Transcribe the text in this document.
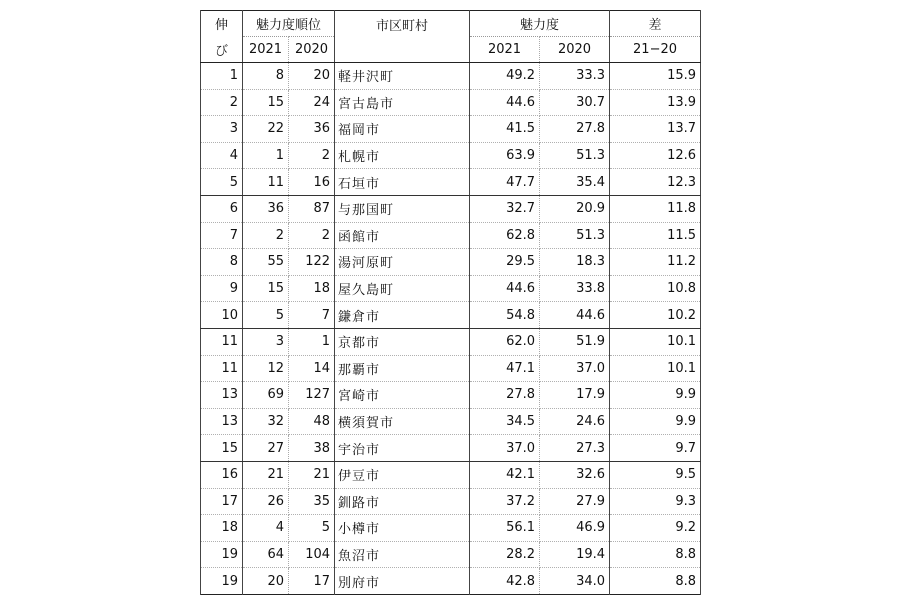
伸	魅力度順位		市区町村	魅力度		差
び	2021	2020		2021	2020	21−20
1	8	20	軽井沢町	49.2	33.3	15.9
2	15	24	宮古島市	44.6	30.7	13.9
3	22	36	福岡市	41.5	27.8	13.7
4	1	2	札幌市	63.9	51.3	12.6
5	11	16	石垣市	47.7	35.4	12.3
6	36	87	与那国町	32.7	20.9	11.8
7	2	2	函館市	62.8	51.3	11.5
8	55	122	湯河原町	29.5	18.3	11.2
9	15	18	屋久島町	44.6	33.8	10.8
10	5	7	鎌倉市	54.8	44.6	10.2
11	3	1	京都市	62.0	51.9	10.1
11	12	14	那覇市	47.1	37.0	10.1
13	69	127	宮崎市	27.8	17.9	9.9
13	32	48	横須賀市	34.5	24.6	9.9
15	27	38	宇治市	37.0	27.3	9.7
16	21	21	伊豆市	42.1	32.6	9.5
17	26	35	釧路市	37.2	27.9	9.3
18	4	5	小樽市	56.1	46.9	9.2
19	64	104	魚沼市	28.2	19.4	8.8
19	20	17	別府市	42.8	34.0	8.8
